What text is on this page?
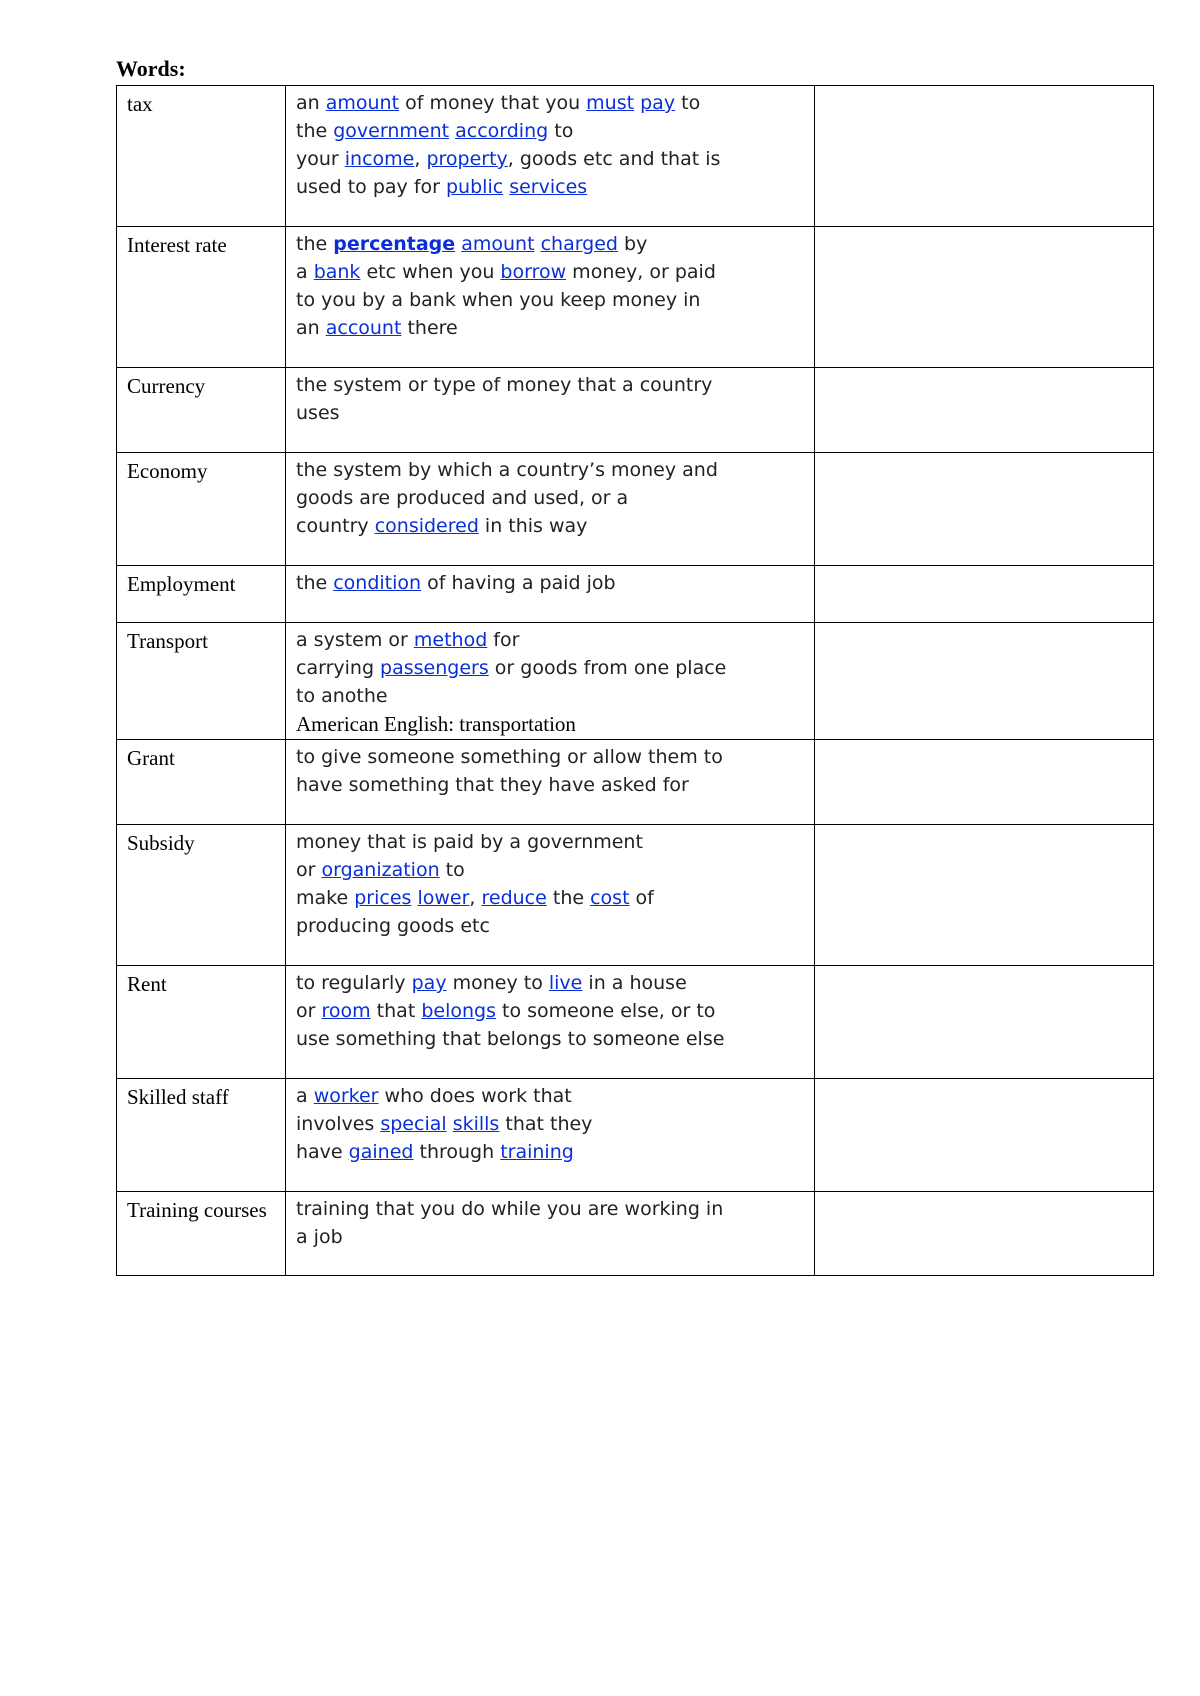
Words:
tax	an amount of money that you must pay to
the government according to
your income, property, goods etc and that is
used to pay for public services	
Interest rate	the percentage amount charged by
a bank etc when you borrow money, or paid
to you by a bank when you keep money in
an account there	
Currency	the system or type of money that a country
uses	
Economy	the system by which a country’s money and
goods are produced and used, or a
country considered in this way	
Employment	the condition of having a paid job	
Transport	a system or method for
carrying passengers or goods from one place
to anothe
American English: transportation	
Grant	to give someone something or allow them to
have something that they have asked for	
Subsidy	money that is paid by a government
or organization to
make prices lower, reduce the cost of
producing goods etc	
Rent	to regularly pay money to live in a house
or room that belongs to someone else, or to
use something that belongs to someone else	
Skilled staff	a worker who does work that
involves special skills that they
have gained through training	
Training courses	training that you do while you are working in
a job	
